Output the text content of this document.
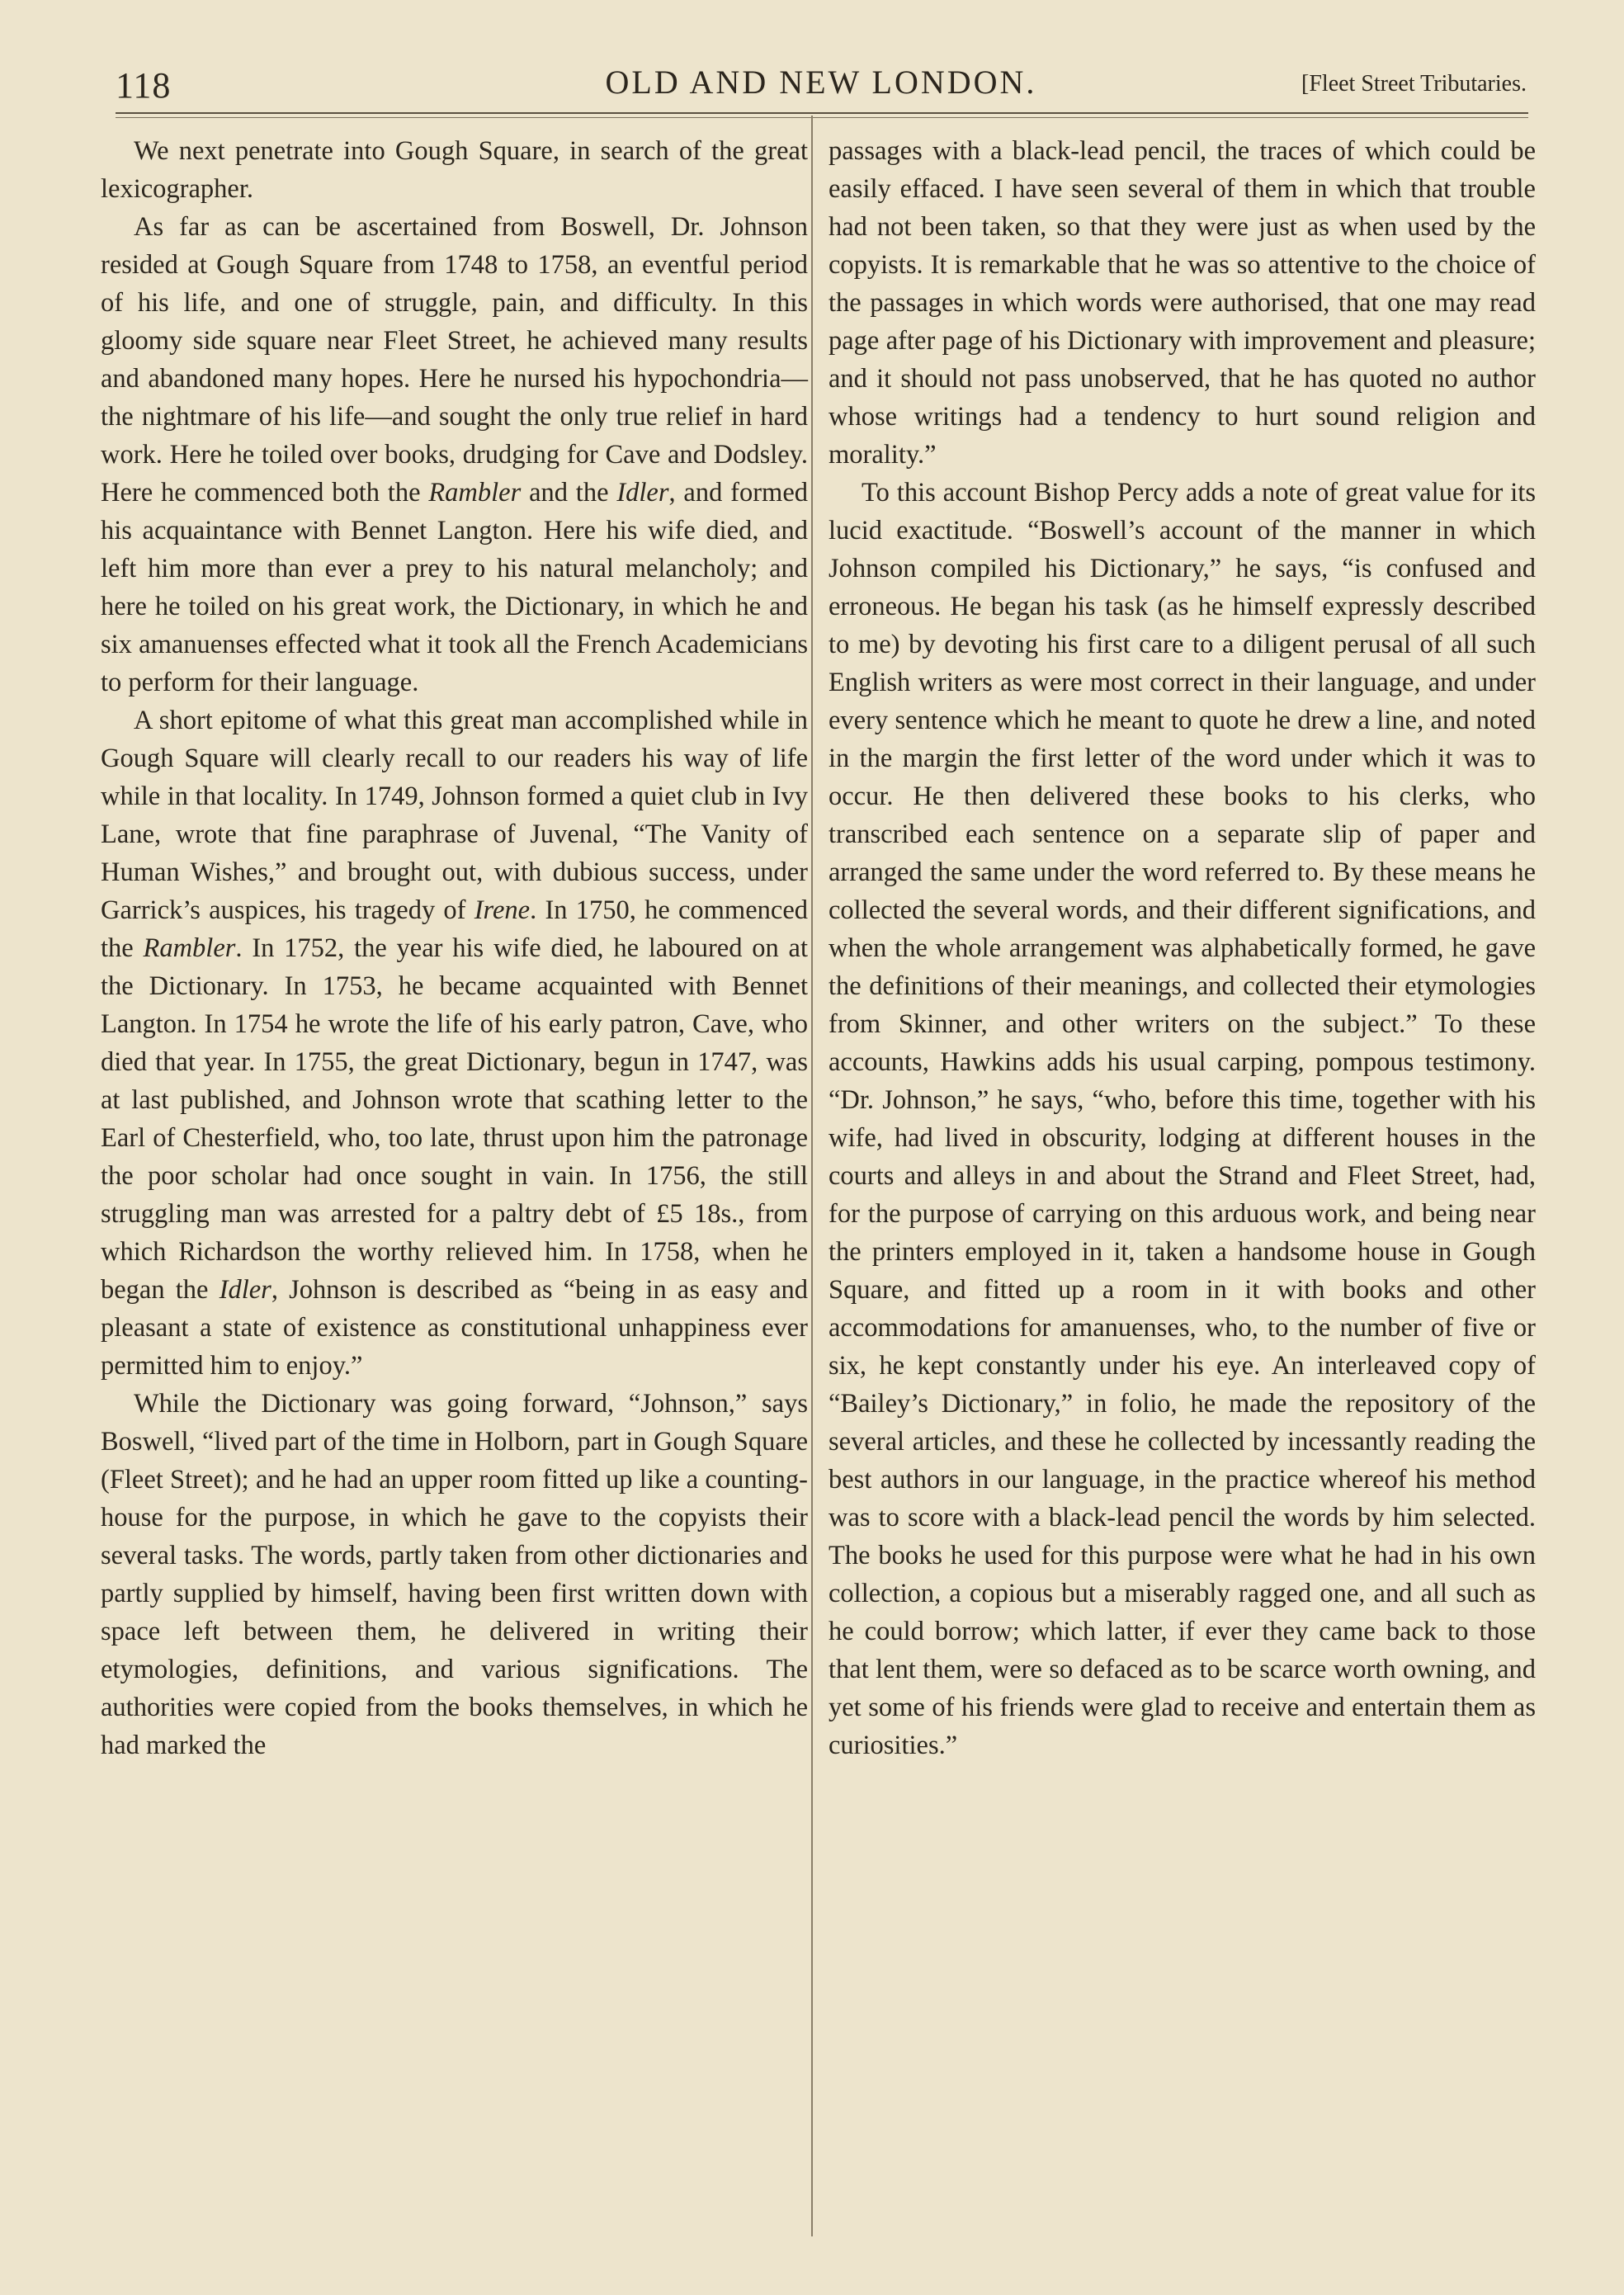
118	OLD AND NEW LONDON.	[Fleet Street Tributaries.

We next penetrate into Gough Square, in search of the great lexicographer.

As far as can be ascertained from Boswell, Dr. Johnson resided at Gough Square from 1748 to 1758, an eventful period of his life, and one of struggle, pain, and difficulty. In this gloomy side square near Fleet Street, he achieved many results and abandoned many hopes. Here he nursed his hypochondria—the nightmare of his life—and sought the only true relief in hard work. Here he toiled over books, drudging for Cave and Dodsley. Here he commenced both the Rambler and the Idler, and formed his acquaintance with Bennet Langton. Here his wife died, and left him more than ever a prey to his natural melancholy; and here he toiled on his great work, the Dictionary, in which he and six amanuenses effected what it took all the French Academicians to perform for their language.

A short epitome of what this great man accomplished while in Gough Square will clearly recall to our readers his way of life while in that locality. In 1749, Johnson formed a quiet club in Ivy Lane, wrote that fine paraphrase of Juvenal, “The Vanity of Human Wishes,” and brought out, with dubious success, under Garrick’s auspices, his tragedy of Irene. In 1750, he commenced the Rambler. In 1752, the year his wife died, he laboured on at the Dictionary. In 1753, he became acquainted with Bennet Langton. In 1754 he wrote the life of his early patron, Cave, who died that year. In 1755, the great Dictionary, begun in 1747, was at last published, and Johnson wrote that scathing letter to the Earl of Chesterfield, who, too late, thrust upon him the patronage the poor scholar had once sought in vain. In 1756, the still struggling man was arrested for a paltry debt of £5 18s., from which Richardson the worthy relieved him. In 1758, when he began the Idler, Johnson is described as “being in as easy and pleasant a state of existence as constitutional unhappiness ever permitted him to enjoy.”

While the Dictionary was going forward, “Johnson,” says Boswell, “lived part of the time in Holborn, part in Gough Square (Fleet Street); and he had an upper room fitted up like a counting-house for the purpose, in which he gave to the copyists their several tasks. The words, partly taken from other dictionaries and partly supplied by himself, having been first written down with space left between them, he delivered in writing their etymologies, definitions, and various significations. The authorities were copied from the books themselves, in which he had marked the

passages with a black-lead pencil, the traces of which could be easily effaced. I have seen several of them in which that trouble had not been taken, so that they were just as when used by the copyists. It is remarkable that he was so attentive to the choice of the passages in which words were authorised, that one may read page after page of his Dictionary with improvement and pleasure; and it should not pass unobserved, that he has quoted no author whose writings had a tendency to hurt sound religion and morality.”

To this account Bishop Percy adds a note of great value for its lucid exactitude. “Boswell’s account of the manner in which Johnson compiled his Dictionary,” he says, “is confused and erroneous. He began his task (as he himself expressly described to me) by devoting his first care to a diligent perusal of all such English writers as were most correct in their language, and under every sentence which he meant to quote he drew a line, and noted in the margin the first letter of the word under which it was to occur. He then delivered these books to his clerks, who transcribed each sentence on a separate slip of paper and arranged the same under the word referred to. By these means he collected the several words, and their different significations, and when the whole arrangement was alphabetically formed, he gave the definitions of their meanings, and collected their etymologies from Skinner, and other writers on the subject.” To these accounts, Hawkins adds his usual carping, pompous testimony. “Dr. Johnson,” he says, “who, before this time, together with his wife, had lived in obscurity, lodging at different houses in the courts and alleys in and about the Strand and Fleet Street, had, for the purpose of carrying on this arduous work, and being near the printers employed in it, taken a handsome house in Gough Square, and fitted up a room in it with books and other accommodations for amanuenses, who, to the number of five or six, he kept constantly under his eye. An interleaved copy of “Bailey’s Dictionary,” in folio, he made the repository of the several articles, and these he collected by incessantly reading the best authors in our language, in the practice whereof his method was to score with a black-lead pencil the words by him selected. The books he used for this purpose were what he had in his own collection, a copious but a miserably ragged one, and all such as he could borrow; which latter, if ever they came back to those that lent them, were so defaced as to be scarce worth owning, and yet some of his friends were glad to receive and entertain them as curiosities.”
